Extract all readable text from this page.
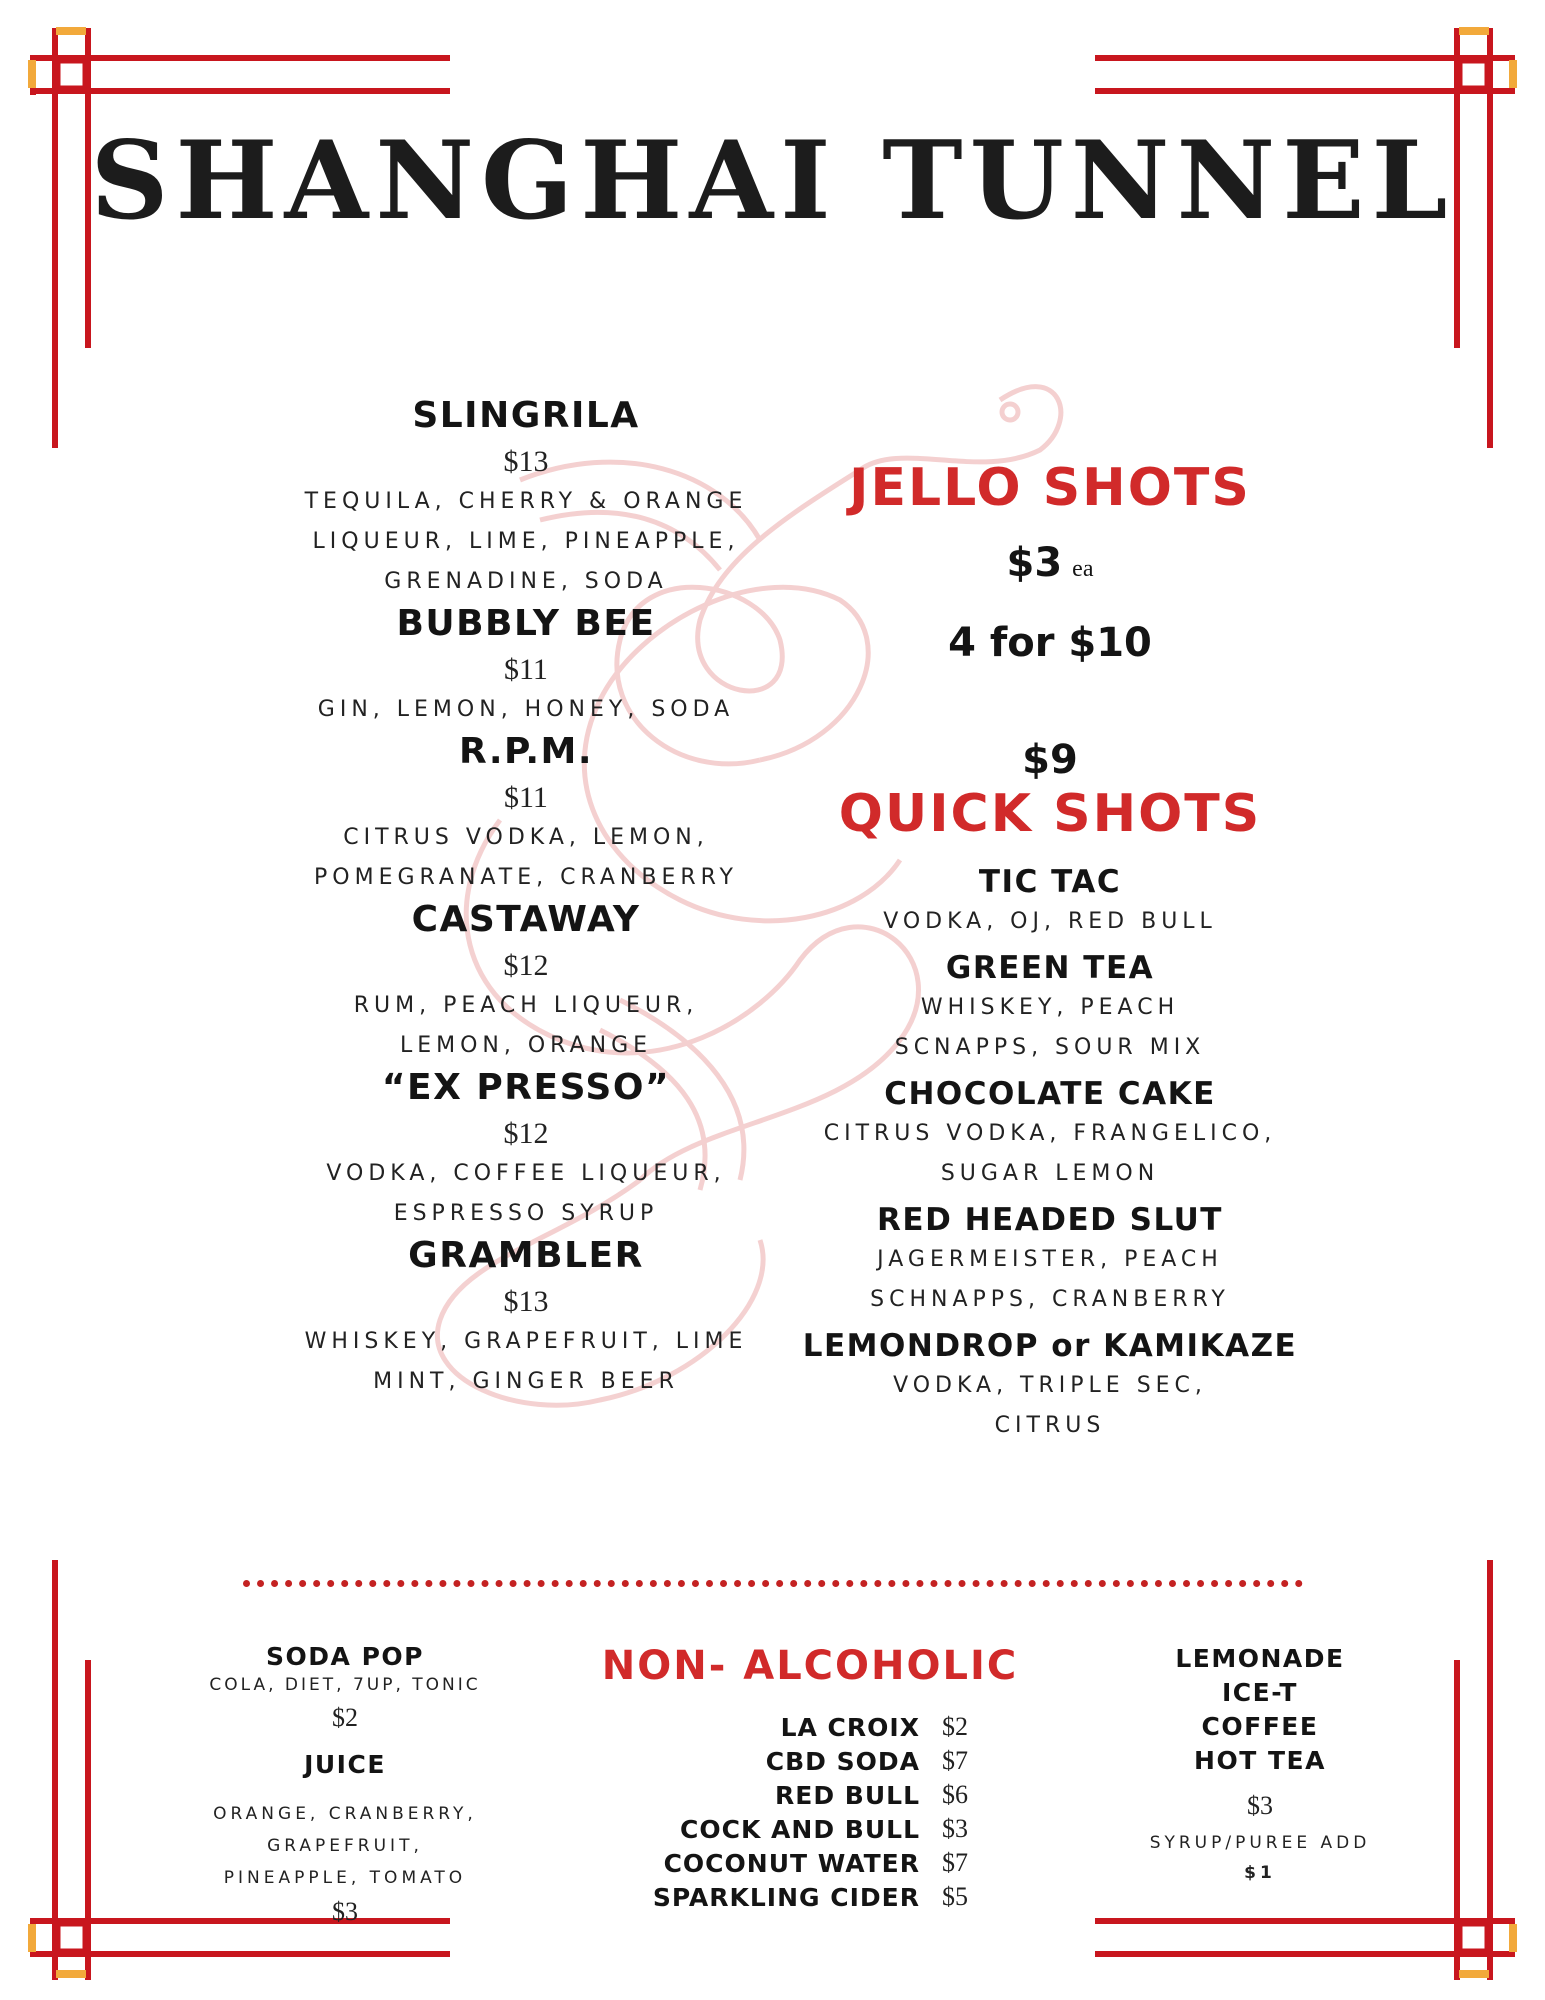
SHANGHAI TUNNEL
SLINGRILA
$13
TEQUILA, CHERRY & ORANGE
LIQUEUR, LIME, PINEAPPLE,
GRENADINE, SODA
BUBBLY BEE
$11
GIN, LEMON, HONEY, SODA
R.P.M.
$11
CITRUS VODKA, LEMON,
POMEGRANATE, CRANBERRY
CASTAWAY
$12
RUM, PEACH LIQUEUR,
LEMON, ORANGE
“EX PRESSO”
$12
VODKA, COFFEE LIQUEUR,
ESPRESSO SYRUP
GRAMBLER
$13
WHISKEY, GRAPEFRUIT, LIME
MINT, GINGER BEER
JELLO SHOTS
$3 ea
4 for $10
$9
QUICK SHOTS
TIC TAC
VODKA, OJ, RED BULL
GREEN TEA
WHISKEY, PEACH
SCNAPPS, SOUR MIX
CHOCOLATE CAKE
CITRUS VODKA, FRANGELICO,
SUGAR LEMON
RED HEADED SLUT
JAGERMEISTER, PEACH
SCHNAPPS, CRANBERRY
LEMONDROP or KAMIKAZE
VODKA, TRIPLE SEC,
CITRUS
SODA POP
COLA, DIET, 7UP, TONIC
$2
JUICE
ORANGE, CRANBERRY,
GRAPEFRUIT,
PINEAPPLE, TOMATO
$3
NON- ALCOHOLIC
LA CROIX $2
CBD SODA $7
RED BULL $6
COCK AND BULL $3
COCONUT WATER $7
SPARKLING CIDER $5
LEMONADE
ICE-T
COFFEE
HOT TEA
$3
SYRUP/PUREE ADD
$1
